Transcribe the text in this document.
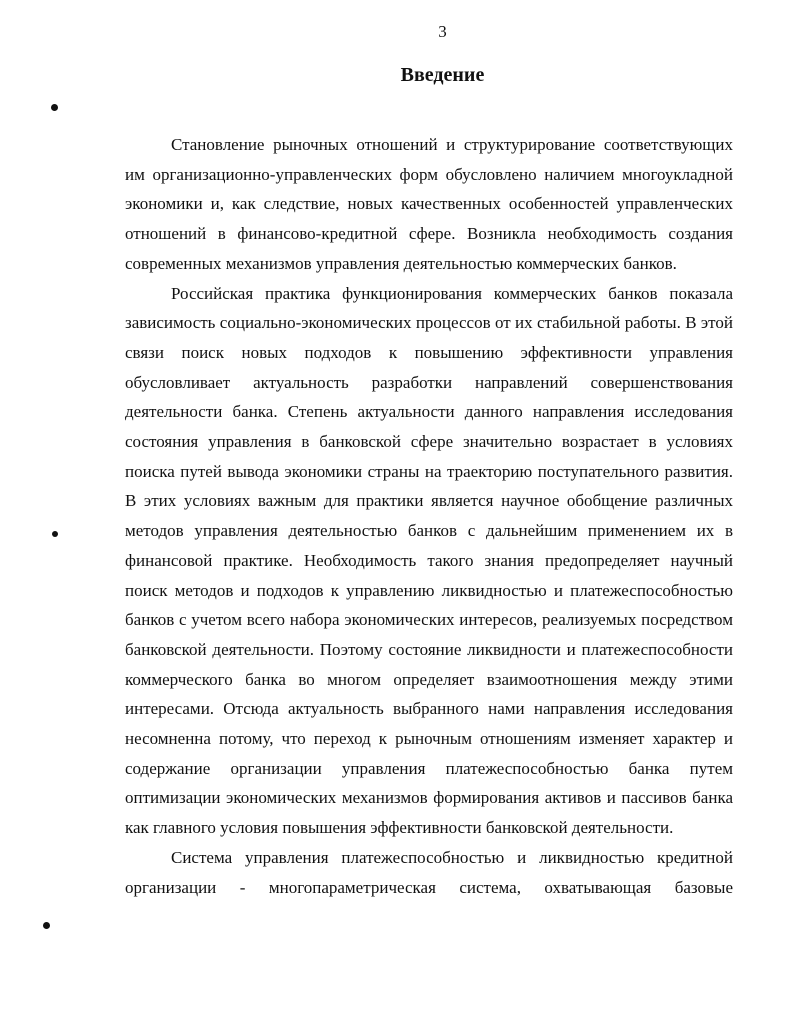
3
Введение

Становление рыночных отношений и структурирование соответствующих им организационно-управленческих форм обусловлено наличием многоукладной экономики и, как следствие, новых качественных особенностей управленческих отношений в финансово-кредитной сфере. Возникла необходимость создания современных механизмов управления деятельностью коммерческих банков.

Российская практика функционирования коммерческих банков показала зависимость социально-экономических процессов от их стабильной работы. В этой связи поиск новых подходов к повышению эффективности управления обусловливает актуальность разработки направлений совершенствования деятельности банка. Степень актуальности данного направления исследования состояния управления в банковской сфере значительно возрастает в условиях поиска путей вывода экономики страны на траекторию поступательного развития. В этих условиях важным для практики является научное обобщение различных методов управления деятельностью банков с дальнейшим применением их в финансовой практике. Необходимость такого знания предопределяет научный поиск методов и подходов к управлению ликвидностью и платежеспособностью банков с учетом всего набора экономических интересов, реализуемых посредством банковской деятельности. Поэтому состояние ликвидности и платежеспособности коммерческого банка во многом определяет взаимоотношения между этими интересами. Отсюда актуальность выбранного нами направления исследования несомненна потому, что переход к рыночным отношениям изменяет характер и содержание организации управления платежеспособностью банка путем оптимизации экономических механизмов формирования активов и пассивов банка как главного условия повышения эффективности банковской деятельности.

Система управления платежеспособностью и ликвидностью кредитной организации - многопараметрическая система, охватывающая базовые
